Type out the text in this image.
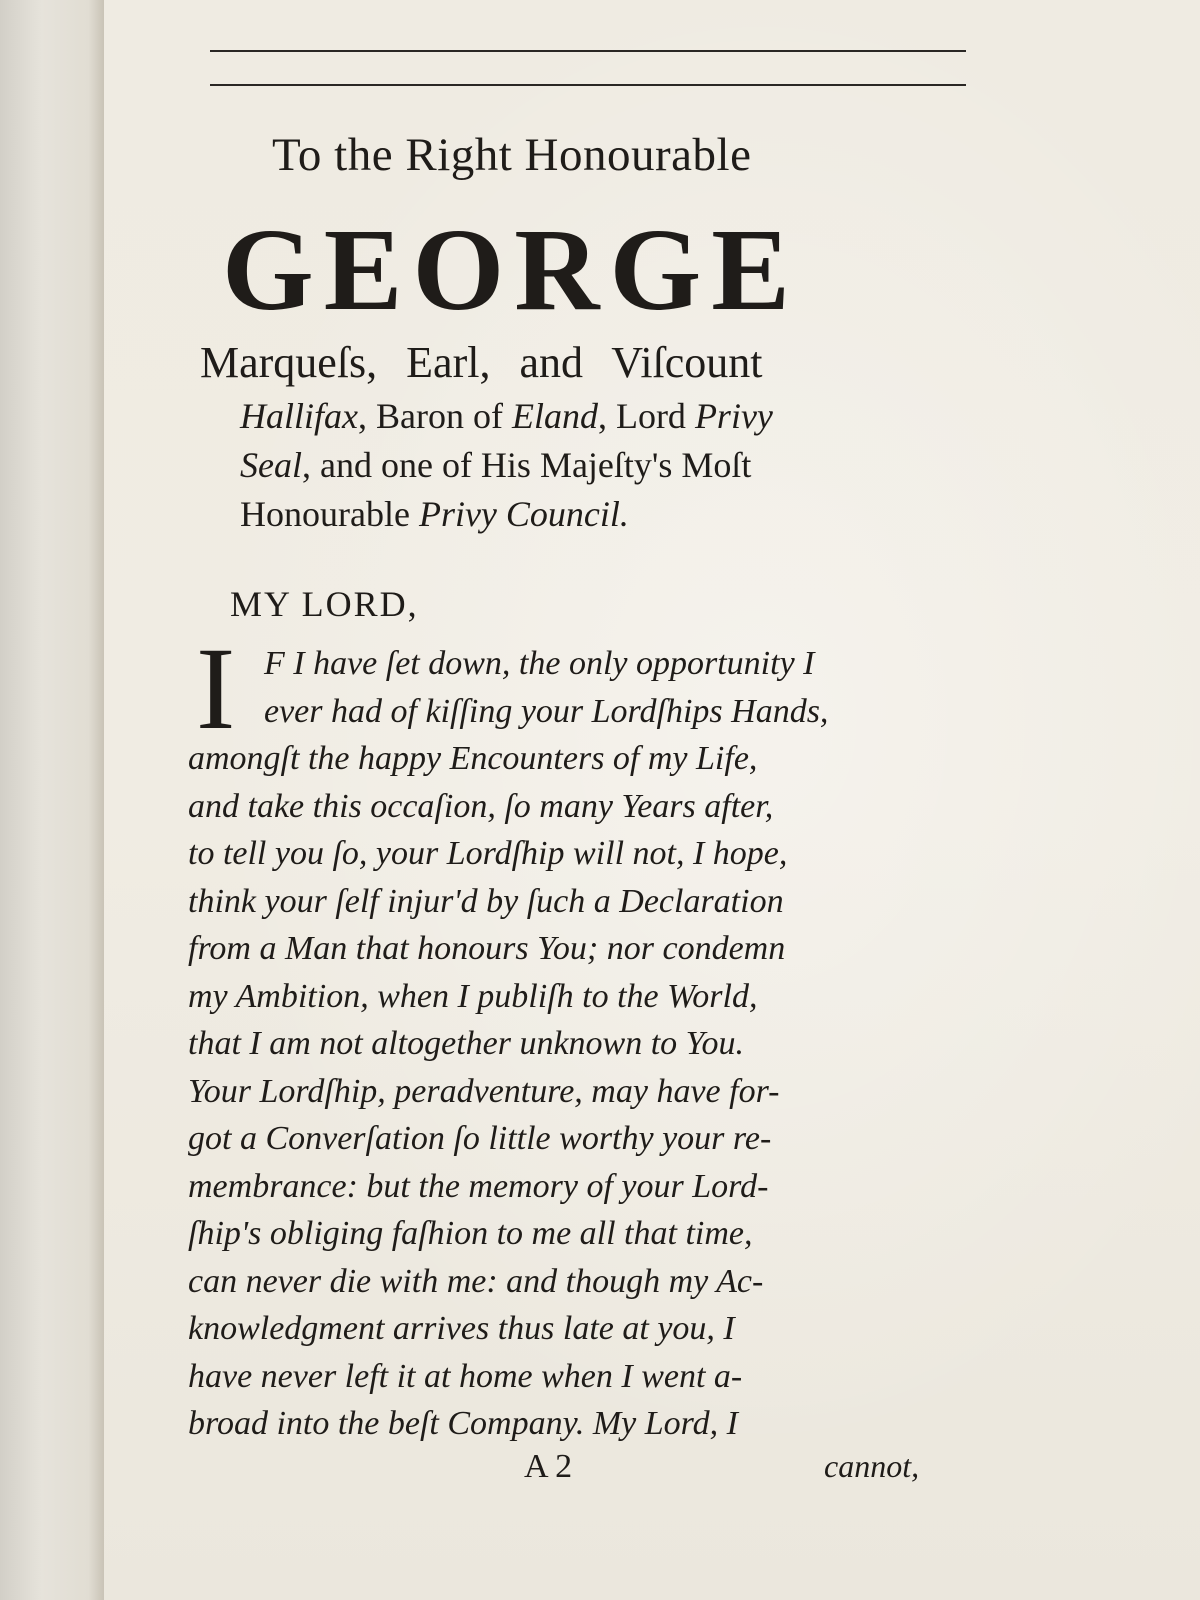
To the Right Honourable
GEORGE
Marqueſs, Earl, and Viſcount
Hallifax, Baron of Eland, Lord Privy
Seal, and one of His Majeſty's Moſt
Honourable Privy Council.
MY LORD,
I F I have ſet down, the only opportunity I
ever had of kiſſing your Lordſhips Hands,
amongſt the happy Encounters of my Life,
and take this occaſion, ſo many Years after,
to tell you ſo, your Lordſhip will not, I hope,
think your ſelf injur'd by ſuch a Declaration
from a Man that honours You; nor condemn
my Ambition, when I publiſh to the World,
that I am not altogether unknown to You.
Your Lordſhip, peradventure, may have for-
got a Converſation ſo little worthy your re-
membrance: but the memory of your Lord-
ſhip's obliging faſhion to me all that time,
can never die with me: and though my Ac-
knowledgment arrives thus late at you, I
have never left it at home when I went a-
broad into the beſt Company. My Lord, I
A 2	cannot,
